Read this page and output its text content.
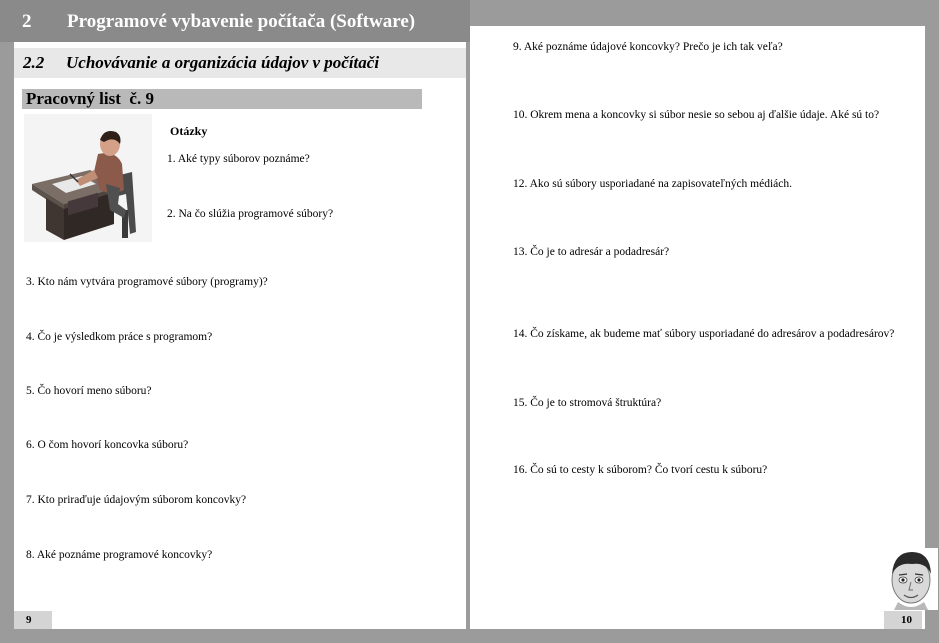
2 Programové vybavenie počítača (Software)
2.2 Uchovávanie a organizácia údajov v počítači
Pracovný list  č. 9
Otázky
1. Aké typy súborov poznáme?
2. Na čo slúžia programové súbory?
3. Kto nám vytvára programové súbory (programy)?
4. Čo je výsledkom práce s programom?
5. Čo hovorí meno súboru?
6. O čom hovorí koncovka súboru?
7. Kto priraďuje údajovým súborom koncovky?
8. Aké poznáme programové koncovky?
9. Aké poznáme údajové koncovky? Prečo je ich tak veľa?
10. Okrem mena a koncovky si súbor nesie so sebou aj ďalšie údaje. Aké sú to?
12. Ako sú súbory usporiadané na zapisovateľných médiách.
13. Čo je to adresár a podadresár?
14. Čo získame, ak budeme mať súbory usporiadané do adresárov a podadresárov?
15. Čo je to stromová štruktúra?
16. Čo sú to cesty k súborom? Čo tvorí cestu k súboru?
9	10
